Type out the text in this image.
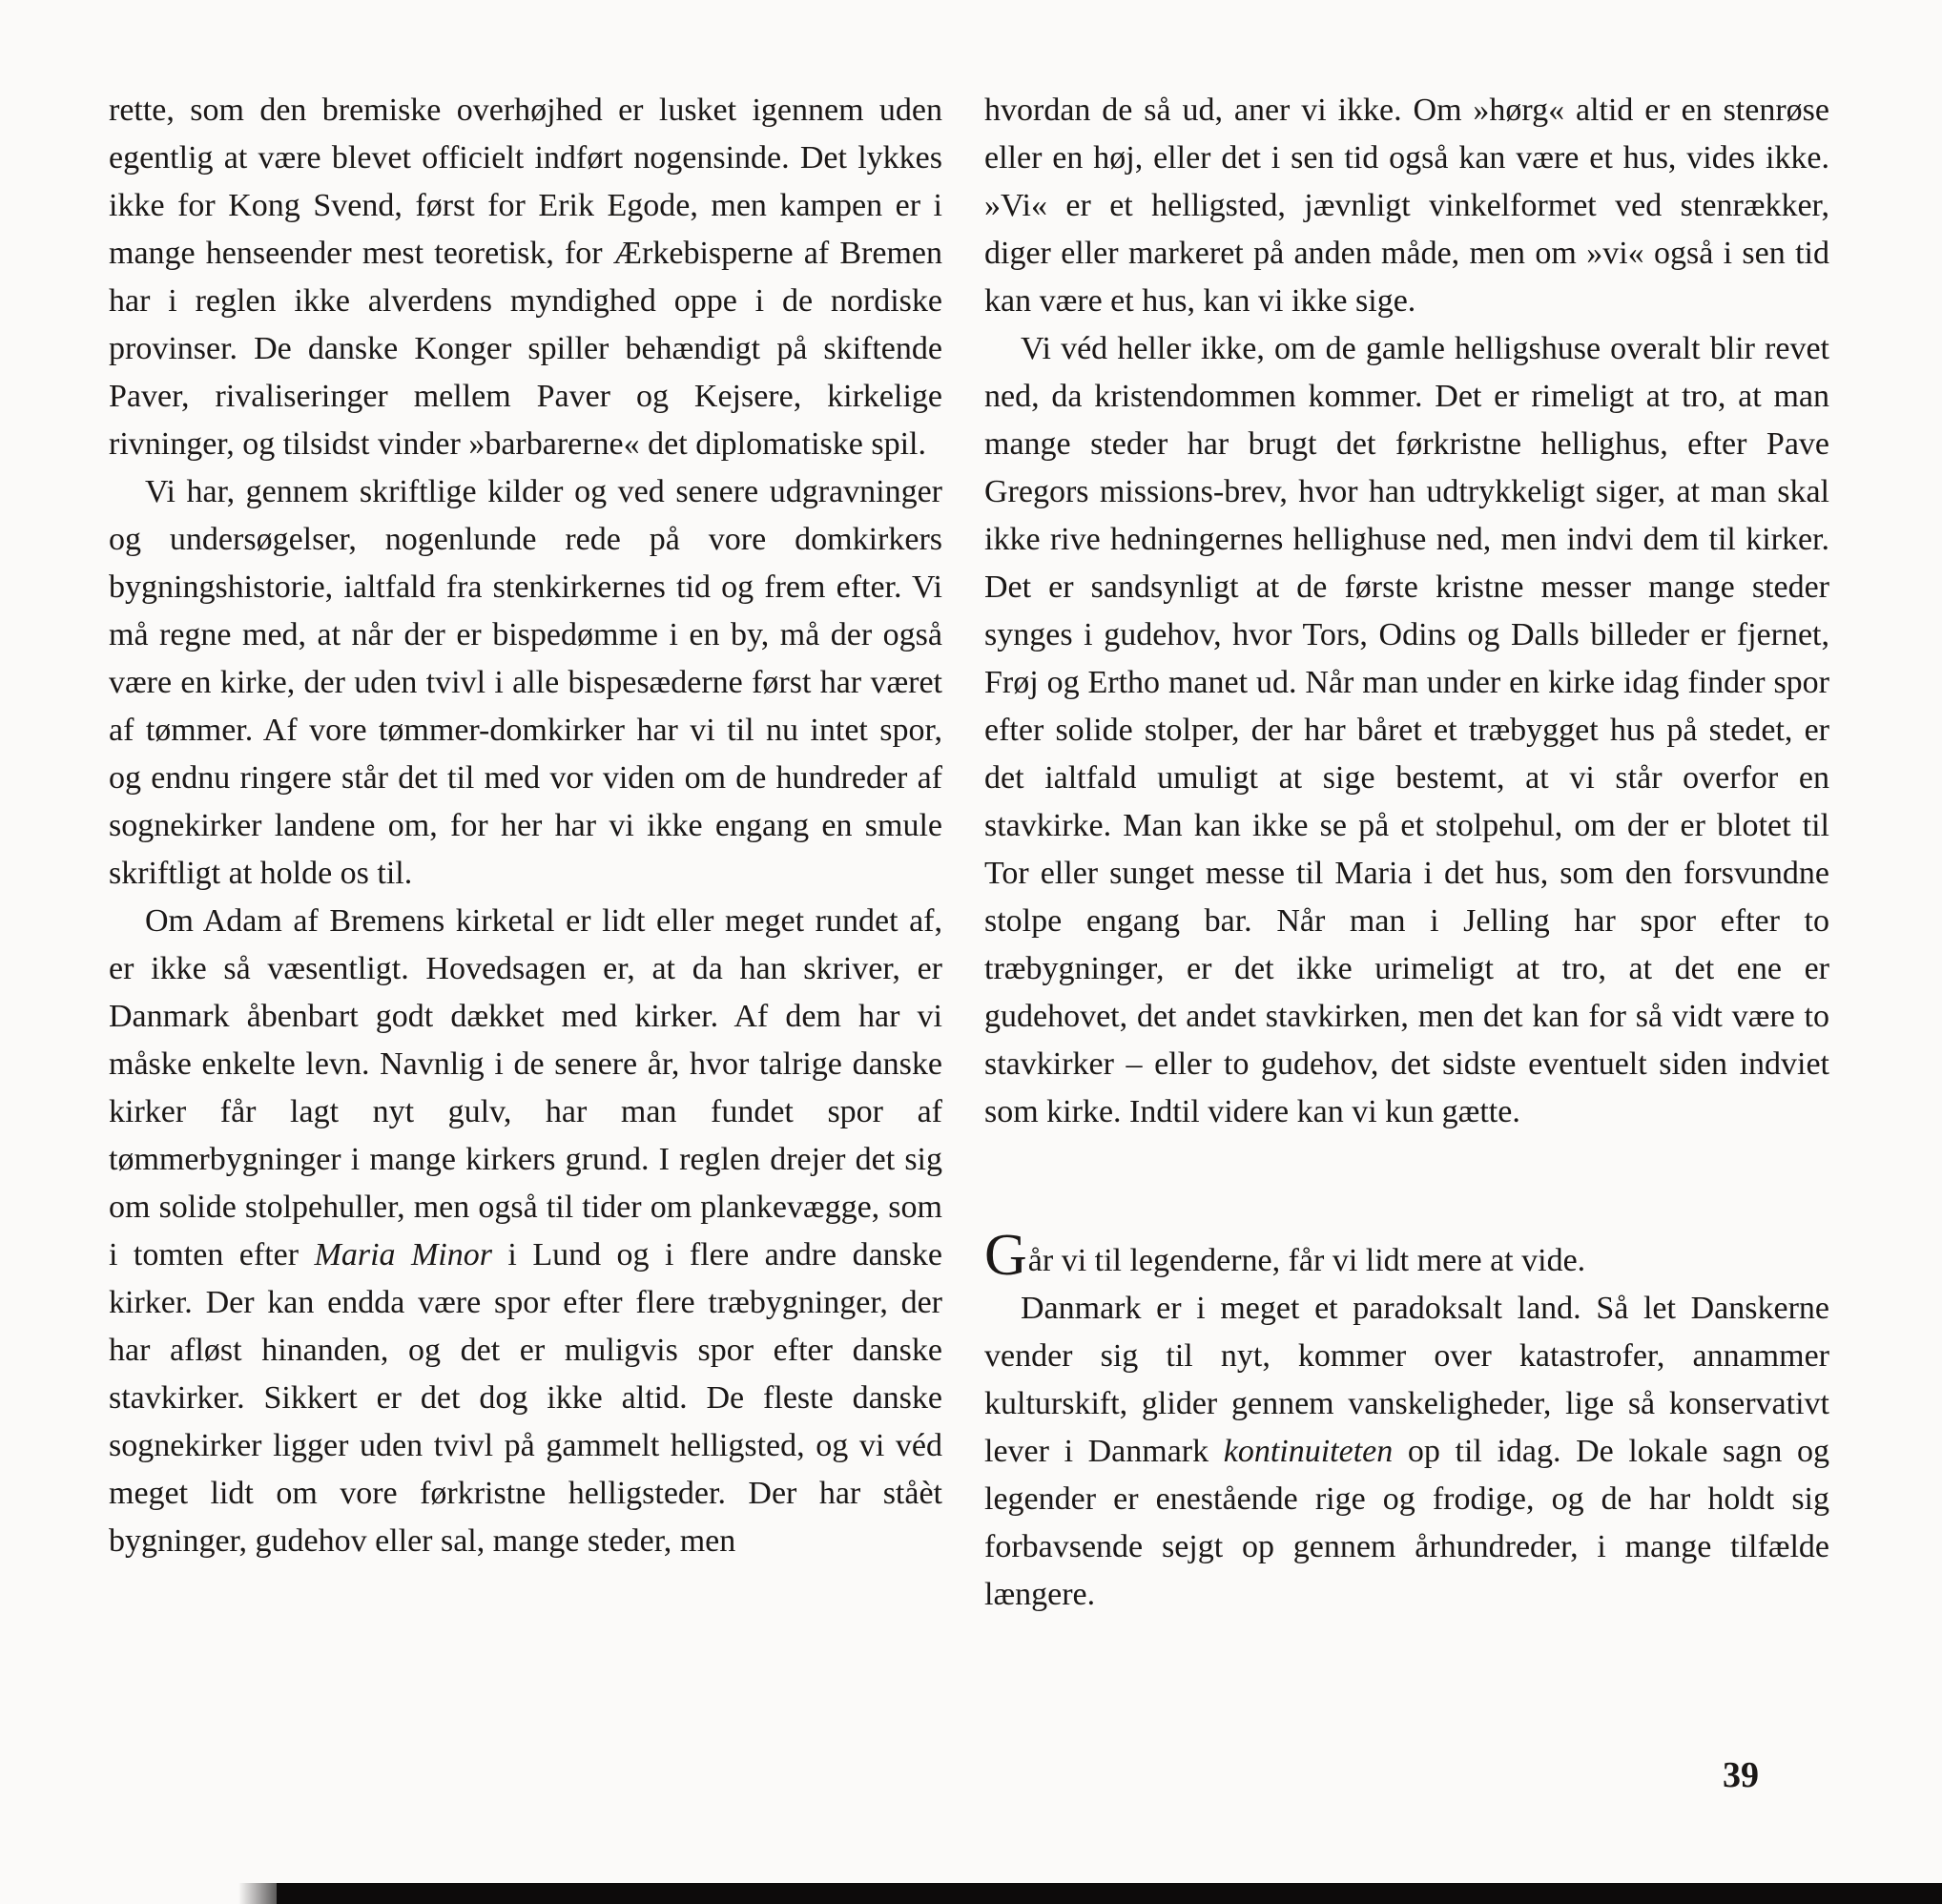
rette, som den bremiske overhøjhed er lusket igennem uden egentlig at være blevet officielt indført nogensinde. Det lykkes ikke for Kong Svend, først for Erik Egode, men kampen er i mange henseender mest teoretisk, for Ærkebisperne af Bremen har i reglen ikke alverdens myndighed oppe i de nordiske provinser. De danske Konger spiller behændigt på skiftende Paver, rivaliseringer mellem Paver og Kejsere, kirkelige rivninger, og tilsidst vinder »barbarerne« det diplomatiske spil.

Vi har, gennem skriftlige kilder og ved senere udgravninger og undersøgelser, nogenlunde rede på vore domkirkers bygningshistorie, ialtfald fra stenkirkernes tid og frem efter. Vi må regne med, at når der er bispedømme i en by, må der også være en kirke, der uden tvivl i alle bispesæderne først har været af tømmer. Af vore tømmer-domkirker har vi til nu intet spor, og endnu ringere står det til med vor viden om de hundreder af sognekirker landene om, for her har vi ikke engang en smule skriftligt at holde os til.

Om Adam af Bremens kirketal er lidt eller meget rundet af, er ikke så væsentligt. Hovedsagen er, at da han skriver, er Danmark åbenbart godt dækket med kirker. Af dem har vi måske enkelte levn. Navnlig i de senere år, hvor talrige danske kirker får lagt nyt gulv, har man fundet spor af tømmerbygninger i mange kirkers grund. I reglen drejer det sig om solide stolpehuller, men også til tider om plankevægge, som i tomten efter Maria Minor i Lund og i flere andre danske kirker. Der kan endda være spor efter flere træbygninger, der har afløst hinanden, og det er muligvis spor efter danske stavkirker. Sikkert er det dog ikke altid. De fleste danske sognekirker ligger uden tvivl på gammelt helligsted, og vi véd meget lidt om vore førkristne helligsteder. Der har ståèt bygninger, gudehov eller sal, mange steder, men

hvordan de så ud, aner vi ikke. Om »hørg« altid er en stenrøse eller en høj, eller det i sen tid også kan være et hus, vides ikke. »Vi« er et helligsted, jævnligt vinkelformet ved stenrækker, diger eller markeret på anden måde, men om »vi« også i sen tid kan være et hus, kan vi ikke sige.

Vi véd heller ikke, om de gamle helligshuse overalt blir revet ned, da kristendommen kommer. Det er rimeligt at tro, at man mange steder har brugt det førkristne hellighus, efter Pave Gregors missions-brev, hvor han udtrykkeligt siger, at man skal ikke rive hedningernes hellighuse ned, men indvi dem til kirker. Det er sandsynligt at de første kristne messer mange steder synges i gudehov, hvor Tors, Odins og Dalls billeder er fjernet, Frøj og Ertho manet ud. Når man under en kirke idag finder spor efter solide stolper, der har båret et træbygget hus på stedet, er det ialtfald umuligt at sige bestemt, at vi står overfor en stavkirke. Man kan ikke se på et stolpehul, om der er blotet til Tor eller sunget messe til Maria i det hus, som den forsvundne stolpe engang bar. Når man i Jelling har spor efter to træbygninger, er det ikke urimeligt at tro, at det ene er gudehovet, det andet stavkirken, men det kan for så vidt være to stavkirker – eller to gudehov, det sidste eventuelt siden indviet som kirke. Indtil videre kan vi kun gætte.

Går vi til legenderne, får vi lidt mere at vide.

Danmark er i meget et paradoksalt land. Så let Danskerne vender sig til nyt, kommer over katastrofer, annammer kulturskift, glider gennem vanskeligheder, lige så konservativt lever i Danmark kontinuiteten op til idag. De lokale sagn og legender er enestående rige og frodige, og de har holdt sig forbavsende sejgt op gennem århundreder, i mange tilfælde længere.

39
